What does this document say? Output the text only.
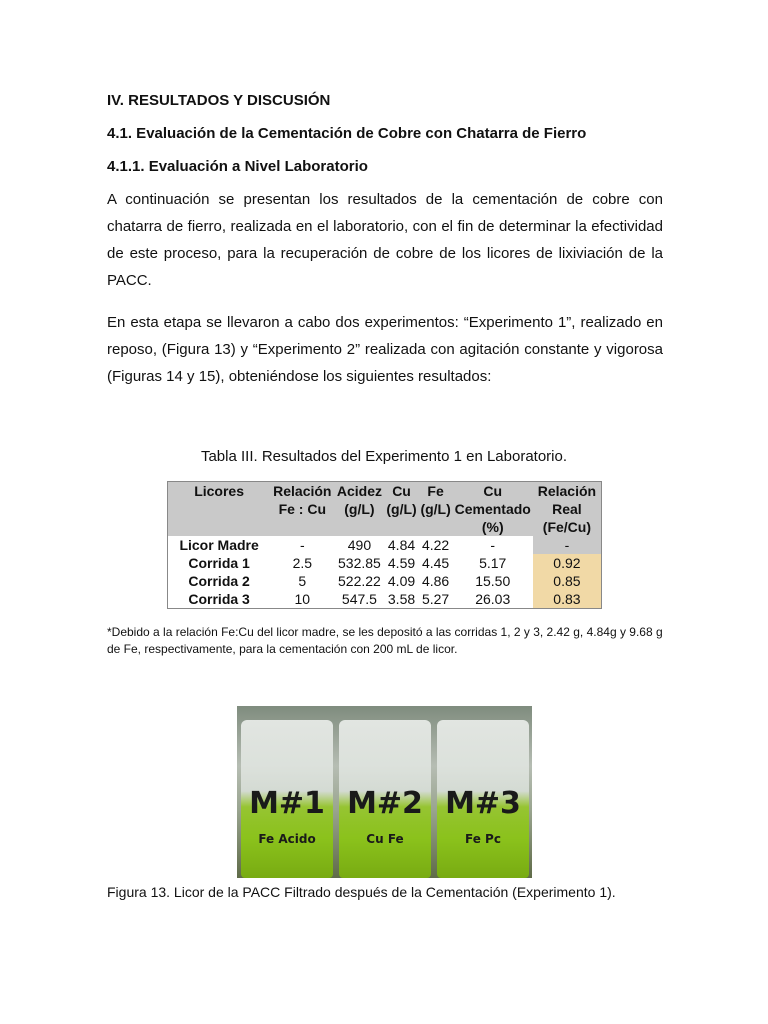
IV. RESULTADOS Y DISCUSIÓN
4.1. Evaluación de la Cementación de Cobre con Chatarra de Fierro
4.1.1. Evaluación a Nivel Laboratorio

A continuación se presentan los resultados de la cementación de cobre con chatarra de fierro, realizada en el laboratorio, con el fin de determinar la efectividad de este proceso, para la recuperación de cobre de los licores de lixiviación de la PACC.

En esta etapa se llevaron a cabo dos experimentos: “Experimento 1”, realizado en reposo, (Figura 13) y “Experimento 2” realizada con agitación constante y vigorosa (Figuras 14 y 15), obteniéndose los siguientes resultados:

Tabla III. Resultados del Experimento 1 en Laboratorio.

Licores	Relación Fe : Cu	Acidez (g/L)	Cu (g/L)	Fe (g/L)	Cu Cementado (%)	Relación Real (Fe/Cu)
Licor Madre	-	490	4.84	4.22	-	-
Corrida 1	2.5	532.85	4.59	4.45	5.17	0.92
Corrida 2	5	522.22	4.09	4.86	15.50	0.85
Corrida 3	10	547.5	3.58	5.27	26.03	0.83

*Debido a la relación Fe:Cu del licor madre, se les depositó a las corridas 1, 2 y 3, 2.42 g, 4.84g y 9.68 g de Fe, respectivamente, para la cementación con 200 mL de licor.

M#1
Fe Acido
M#2
Cu Fe
M#3
Fe Pc

Figura 13. Licor de la PACC Filtrado después de la Cementación (Experimento 1).
